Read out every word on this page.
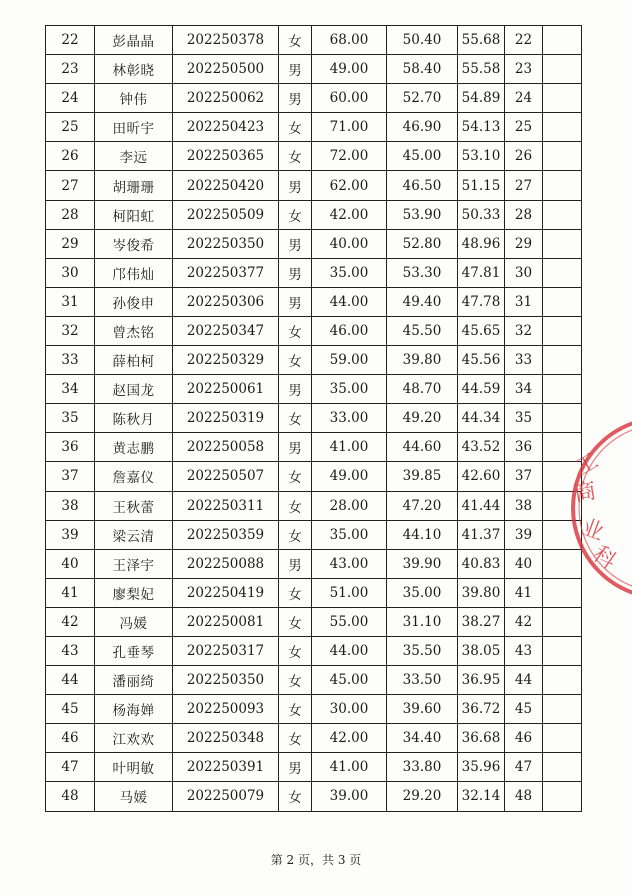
22	彭晶晶	202250378	女	68.00	50.40	55.68	22	
23	林彰晓	202250500	男	49.00	58.40	55.58	23	
24	钟伟	202250062	男	60.00	52.70	54.89	24	
25	田昕宇	202250423	女	71.00	46.90	54.13	25	
26	李远	202250365	女	72.00	45.00	53.10	26	
27	胡珊珊	202250420	男	62.00	46.50	51.15	27	
28	柯阳虹	202250509	女	42.00	53.90	50.33	28	
29	岑俊希	202250350	男	40.00	52.80	48.96	29	
30	邝伟灿	202250377	男	35.00	53.30	47.81	30	
31	孙俊申	202250306	男	44.00	49.40	47.78	31	
32	曾杰铭	202250347	女	46.00	45.50	45.65	32	
33	薛柏柯	202250329	女	59.00	39.80	45.56	33	
34	赵国龙	202250061	男	35.00	48.70	44.59	34	
35	陈秋月	202250319	女	33.00	49.20	44.34	35	
36	黄志鹏	202250058	男	41.00	44.60	43.52	36	
37	詹嘉仪	202250507	女	49.00	39.85	42.60	37	
38	王秋蕾	202250311	女	28.00	47.20	41.44	38	
39	梁云清	202250359	女	35.00	44.10	41.37	39	
40	王泽宇	202250088	男	43.00	39.90	40.83	40	
41	廖梨妃	202250419	女	51.00	35.00	39.80	41	
42	冯媛	202250081	女	55.00	31.10	38.27	42	
43	孔垂琴	202250317	女	44.00	35.50	38.05	43	
44	潘丽绮	202250350	女	45.00	33.50	36.95	44	
45	杨海婵	202250093	女	30.00	39.60	36.72	45	
46	江欢欢	202250348	女	42.00	34.40	36.68	46	
47	叶明敏	202250391	男	41.00	33.80	35.96	47	
48	马媛	202250079	女	39.00	29.20	32.14	48	
工
商
业
科
第 2 页，共 3 页
